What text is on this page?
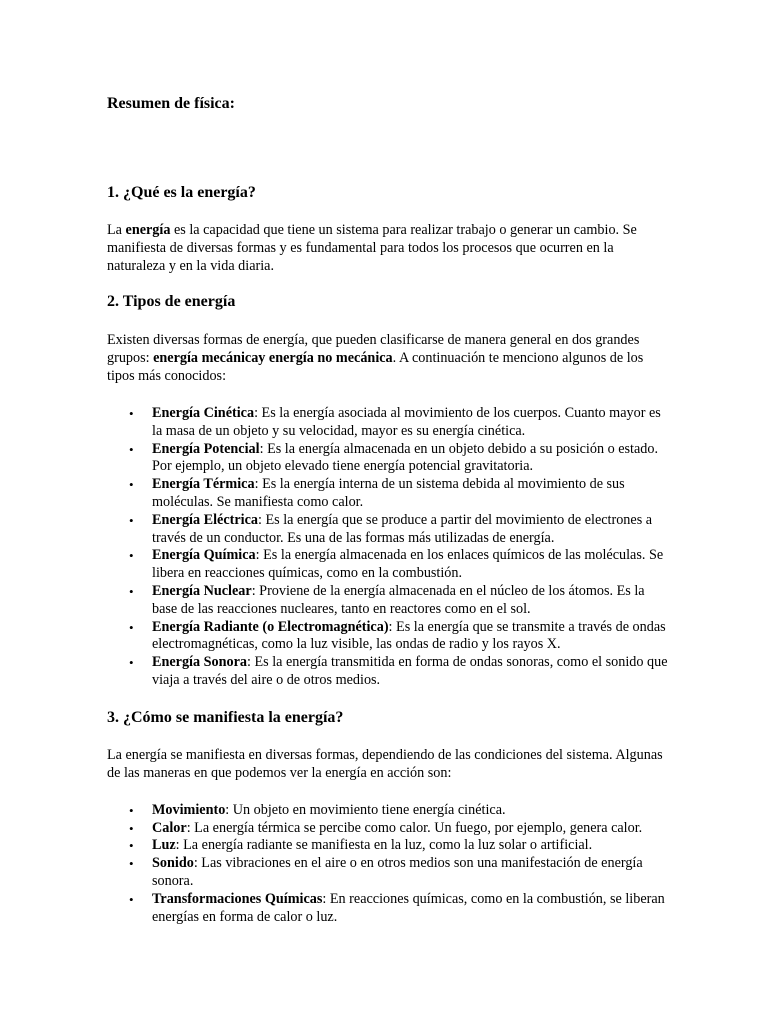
Resumen de física:
1. ¿Qué es la energía?

La energía es la capacidad que tiene un sistema para realizar trabajo o generar un cambio. Se manifiesta de diversas formas y es fundamental para todos los procesos que ocurren en la naturaleza y en la vida diaria.

2. Tipos de energía

Existen diversas formas de energía, que pueden clasificarse de manera general en dos grandes grupos: energía mecánicay energía no mecánica. A continuación te menciono algunos de los tipos más conocidos:

• Energía Cinética: Es la energía asociada al movimiento de los cuerpos. Cuanto mayor es la masa de un objeto y su velocidad, mayor es su energía cinética.
• Energía Potencial: Es la energía almacenada en un objeto debido a su posición o estado. Por ejemplo, un objeto elevado tiene energía potencial gravitatoria.
• Energía Térmica: Es la energía interna de un sistema debida al movimiento de sus moléculas. Se manifiesta como calor.
• Energía Eléctrica: Es la energía que se produce a partir del movimiento de electrones a través de un conductor. Es una de las formas más utilizadas de energía.
• Energía Química: Es la energía almacenada en los enlaces químicos de las moléculas. Se libera en reacciones químicas, como en la combustión.
• Energía Nuclear: Proviene de la energía almacenada en el núcleo de los átomos. Es la base de las reacciones nucleares, tanto en reactores como en el sol.
• Energía Radiante (o Electromagnética): Es la energía que se transmite a través de ondas electromagnéticas, como la luz visible, las ondas de radio y los rayos X.
• Energía Sonora: Es la energía transmitida en forma de ondas sonoras, como el sonido que viaja a través del aire o de otros medios.
3. ¿Cómo se manifiesta la energía?

La energía se manifiesta en diversas formas, dependiendo de las condiciones del sistema. Algunas de las maneras en que podemos ver la energía en acción son:

• Movimiento: Un objeto en movimiento tiene energía cinética.
• Calor: La energía térmica se percibe como calor. Un fuego, por ejemplo, genera calor.
• Luz: La energía radiante se manifiesta en la luz, como la luz solar o artificial.
• Sonido: Las vibraciones en el aire o en otros medios son una manifestación de energía sonora.
• Transformaciones Químicas: En reacciones químicas, como en la combustión, se liberan energías en forma de calor o luz.
